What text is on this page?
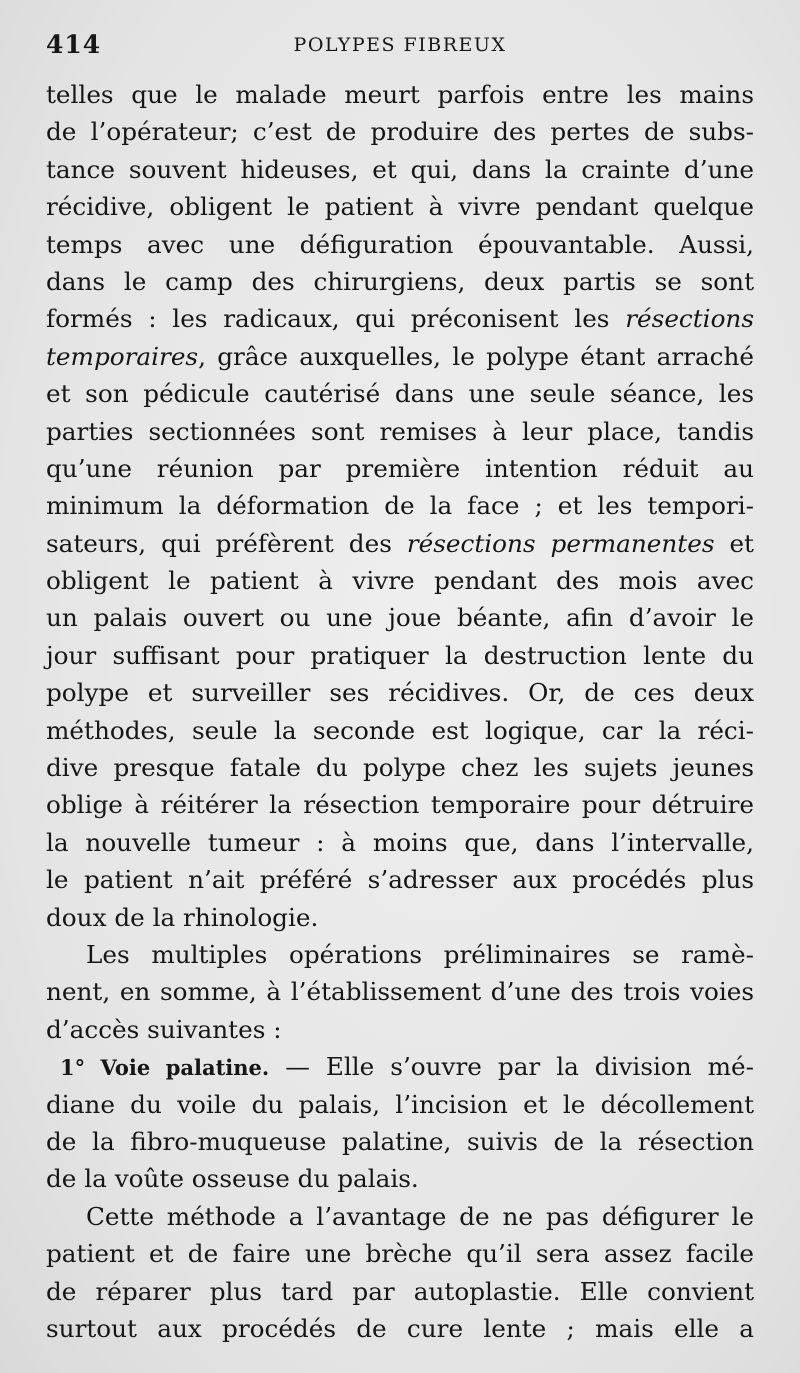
414	POLYPES FIBREUX
telles que le malade meurt parfois entre les mains
de l’opérateur; c’est de produire des pertes de subs-
tance souvent hideuses, et qui, dans la crainte d’une
récidive, obligent le patient à vivre pendant quelque
temps avec une défiguration épouvantable. Aussi,
dans le camp des chirurgiens, deux partis se sont
formés : les radicaux, qui préconisent les résections
temporaires, grâce auxquelles, le polype étant arraché
et son pédicule cautérisé dans une seule séance, les
parties sectionnées sont remises à leur place, tandis
qu’une réunion par première intention réduit au
minimum la déformation de la face ; et les tempori-
sateurs, qui préfèrent des résections permanentes et
obligent le patient à vivre pendant des mois avec
un palais ouvert ou une joue béante, afin d’avoir le
jour suffisant pour pratiquer la destruction lente du
polype et surveiller ses récidives. Or, de ces deux
méthodes, seule la seconde est logique, car la réci-
dive presque fatale du polype chez les sujets jeunes
oblige à réitérer la résection temporaire pour détruire
la nouvelle tumeur : à moins que, dans l’intervalle,
le patient n’ait préféré s’adresser aux procédés plus
doux de la rhinologie.
Les multiples opérations préliminaires se ramè-
nent, en somme, à l’établissement d’une des trois voies
d’accès suivantes :
1° Voie palatine. — Elle s’ouvre par la division mé-
diane du voile du palais, l’incision et le décollement
de la fibro-muqueuse palatine, suivis de la résection
de la voûte osseuse du palais.
Cette méthode a l’avantage de ne pas défigurer le
patient et de faire une brèche qu’il sera assez facile
de réparer plus tard par autoplastie. Elle convient
surtout aux procédés de cure lente ; mais elle a
